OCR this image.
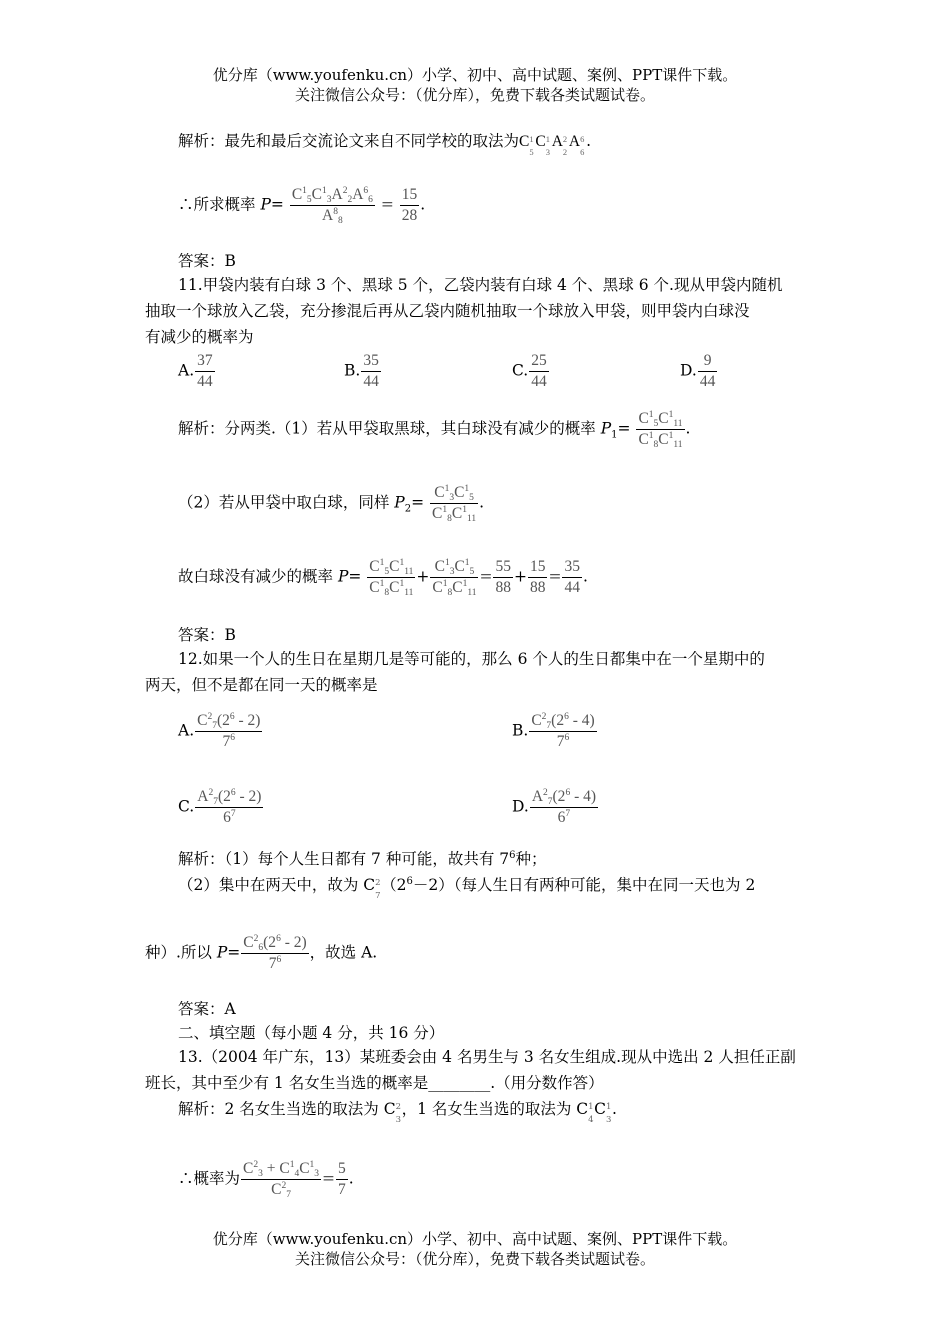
优分库（www.youfenku.cn）小学、初中、高中试题、案例、PPT课件下载。
关注微信公众号：（优分库），免费下载各类试题试卷。
解析：最先和最后交流论文来自不同学校的取法为C 1
5
C 1
3
A 2
2
A 6
6
.
∴所求概率 $P= \frac{C^1_5C^1_3A^2_2A^6_6}{A^8_8} = \frac{15}{28}$ .
答案：B
11.甲袋内装有白球 3 个、黑球 5 个，乙袋内装有白球 4 个、黑球 6 个.现从甲袋内随机
抽取一个球放入乙袋，充分掺混后再从乙袋内随机抽取一个球放入甲袋，则甲袋内白球没
有减少的概率为
A. $\frac{37}{44}$	B. $\frac{35}{44}$	C. $\frac{25}{44}$	D. $\frac{9}{44}$
解析：分两类.（1）若从甲袋取黑球，其白球没有减少的概率 $P_1= \frac{C^1_5C^1_{11}}{C^1_8C^1_{11}}$ .
（2）若从甲袋中取白球，同样 $P_2= \frac{C^1_3C^1_5}{C^1_8C^1_{11}}$ .
故白球没有减少的概率 $P= \frac{C^1_5C^1_{11}}{C^1_8C^1_{11}} + \frac{C^1_3C^1_5}{C^1_8C^1_{11}} = \frac{55}{88} + \frac{15}{88} = \frac{35}{44}$ .
答案：B
12.如果一个人的生日在星期几是等可能的，那么 6 个人的生日都集中在一个星期中的
两天，但不是都在同一天的概率是
A. $\frac{C^2_7(2^6 - 2)}{7^6}$	B. $\frac{C^2_7(2^6 - 4)}{7^6}$
C. $\frac{A^2_7(2^6 - 2)}{6^7}$	D. $\frac{A^2_7(2^6 - 4)}{6^7}$
解析：（1）每个人生日都有 7 种可能，故共有 $7^6$种；
（2）集中在两天中，故为 C 2
7
$(2^6-2)$（每人生日有两种可能，集中在同一天也为 2
种）.所以 $P= \frac{C^2_6(2^6 - 2)}{7^6}$ ，故选 A.
答案：A
二、填空题（每小题 4 分，共 16 分）
13.（2004 年广东，13）某班委会由 4 名男生与 3 名女生组成.现从中选出 2 人担任正副
班长，其中至少有 1 名女生当选的概率是________.（用分数作答）
解析：2 名女生当选的取法为 C 2
3
，1 名女生当选的取法为 C 1
4
C 1
3
.
∴概率为 $\frac{C^2_3 + C^1_4C^1_3}{C^2_7} = \frac{5}{7}$ .
优分库（www.youfenku.cn）小学、初中、高中试题、案例、PPT课件下载。
关注微信公众号：（优分库），免费下载各类试题试卷。
